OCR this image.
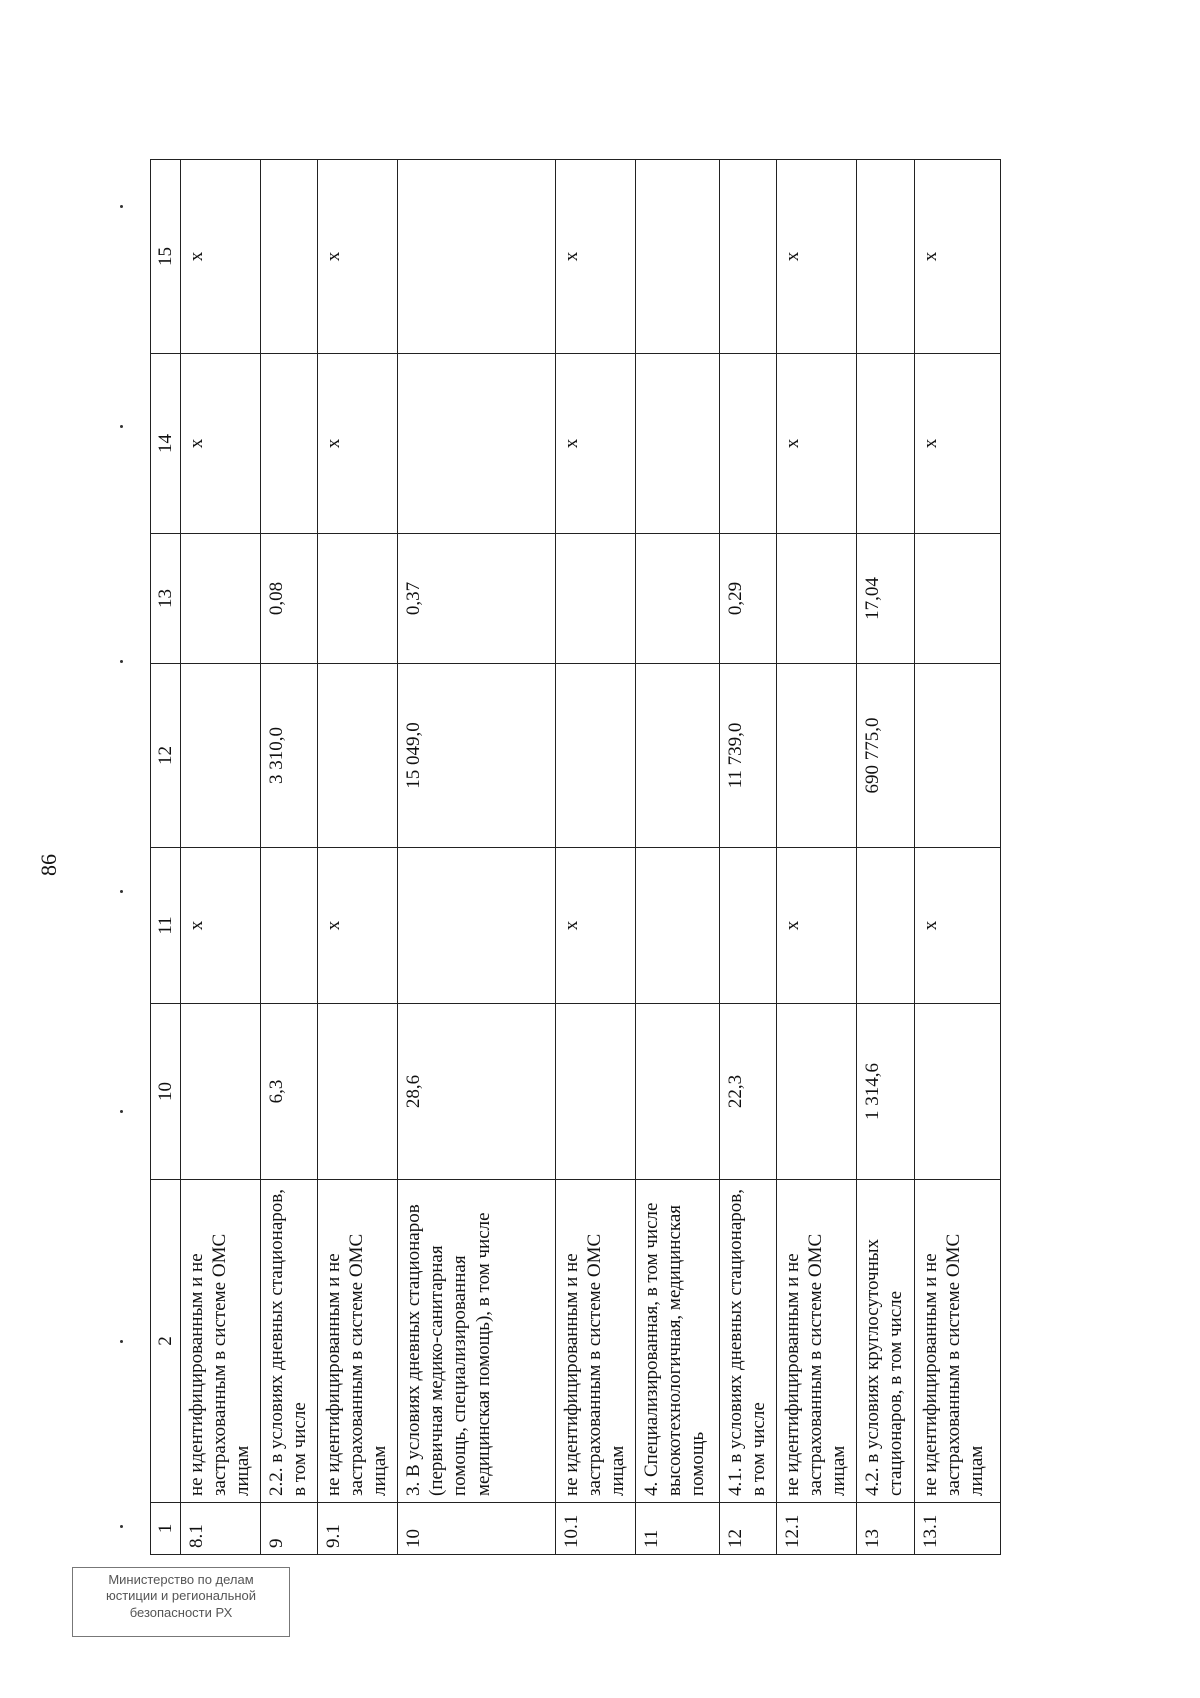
86
1	2	10	11	12	13	14	15
8.1	не идентифицированным и не застрахованным в системе ОМС лицам		х			х	х
9	2.2. в условиях дневных стационаров, в том числе	6,3		3 310,0	0,08		
9.1	не идентифицированным и не застрахованным в системе ОМС лицам		х			х	х
10	3. В условиях дневных стационаров (первичная медико-санитарная помощь, специализированная медицинская помощь), в том числе	28,6		15 049,0	0,37		
10.1	не идентифицированным и не застрахованным в системе ОМС лицам		х			х	х
11	4. Специализированная, в том числе высокотехнологичная, медицинская помощь						
12	4.1. в условиях дневных стационаров, в том числе	22,3		11 739,0	0,29		
12.1	не идентифицированным и не застрахованным в системе ОМС лицам		х			х	х
13	4.2. в условиях круглосуточных стационаров, в том числе	1 314,6		690 775,0	17,04		
13.1	не идентифицированным и не застрахованным в системе ОМС лицам		х			х	х
Министерство по делам
юстиции и региональной
безопасности РХ
